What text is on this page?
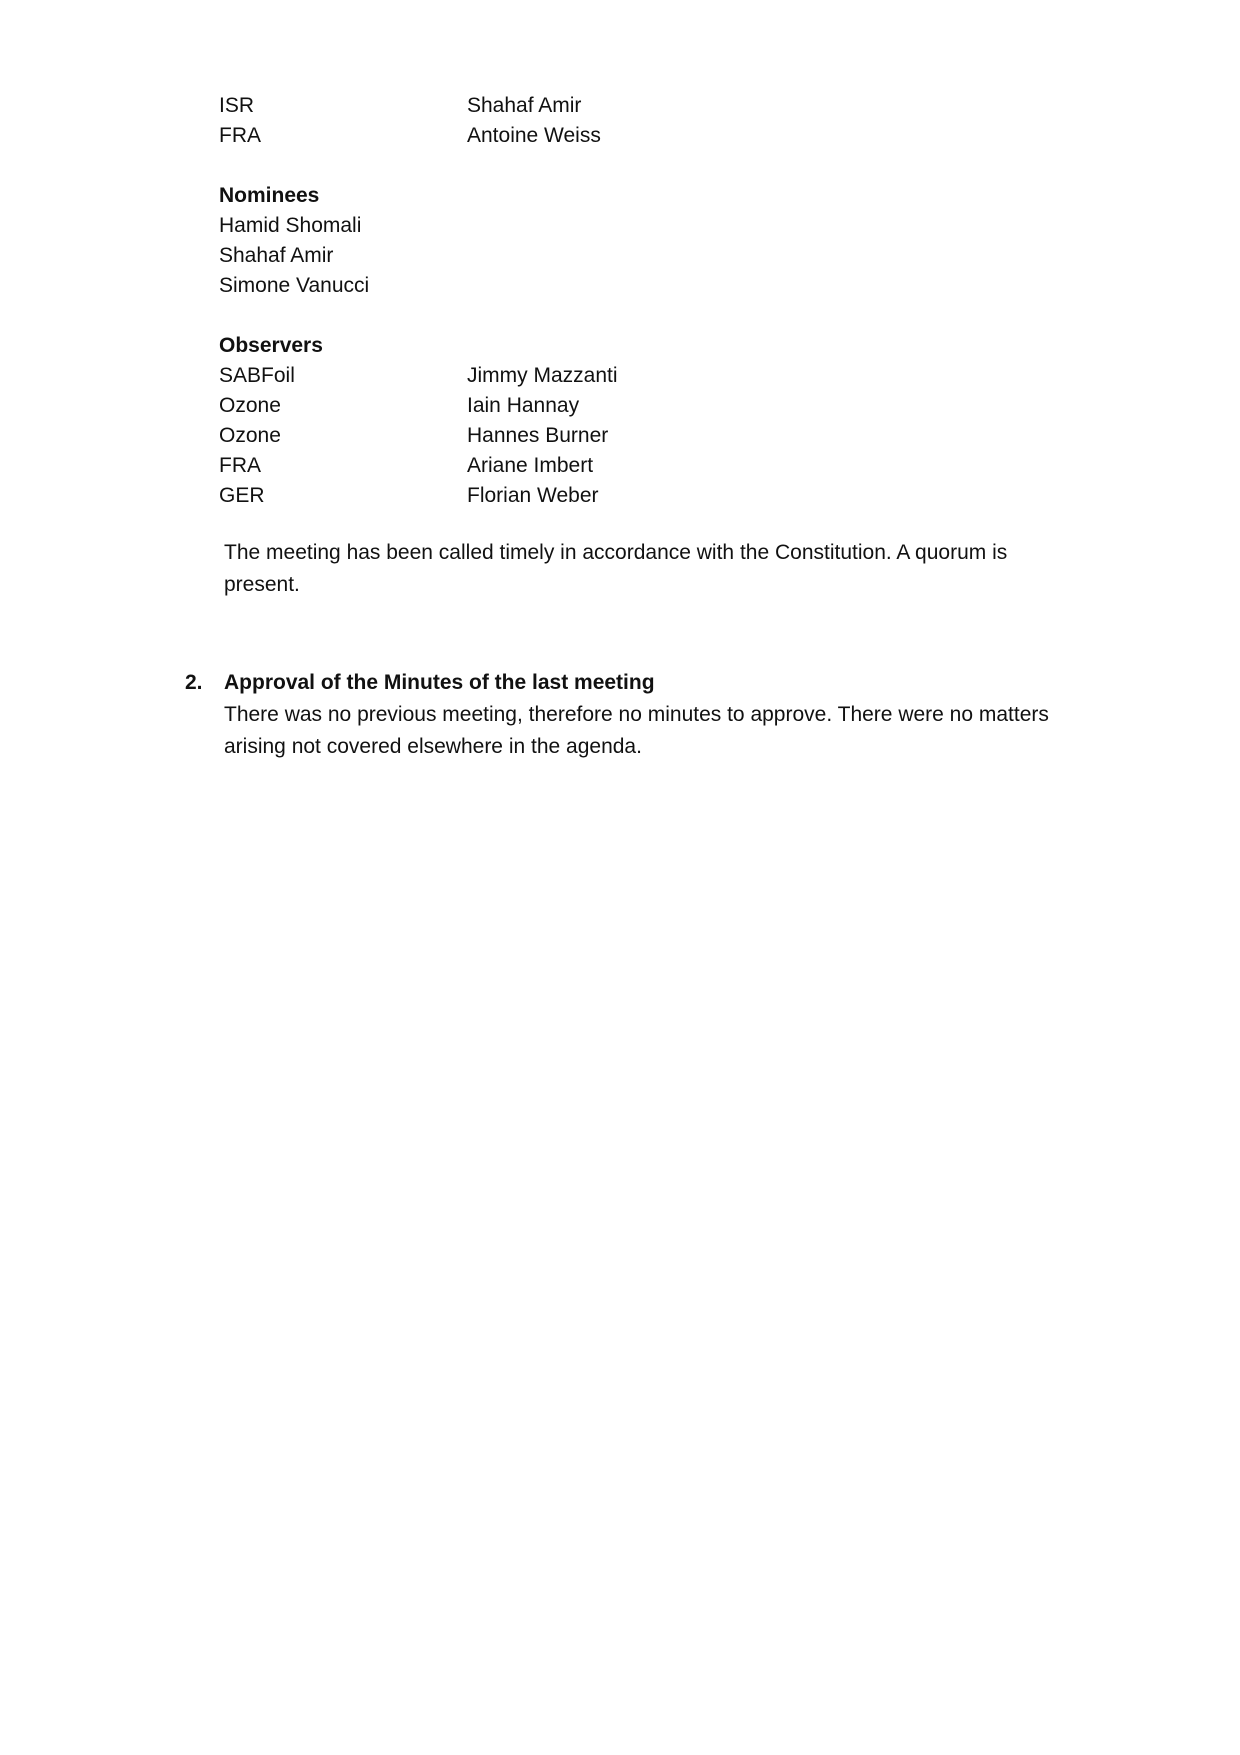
ISR	Shahaf Amir
FRA	Antoine Weiss
Nominees
Hamid Shomali
Shahaf Amir
Simone Vanucci
Observers
SABFoil	Jimmy Mazzanti
Ozone	Iain Hannay
Ozone	Hannes Burner
FRA	Ariane Imbert
GER	Florian Weber
The meeting has been called timely in accordance with the Constitution. A quorum is present.
2. Approval of the Minutes of the last meeting
There was no previous meeting, therefore no minutes to approve. There were no matters arising not covered elsewhere in the agenda.
